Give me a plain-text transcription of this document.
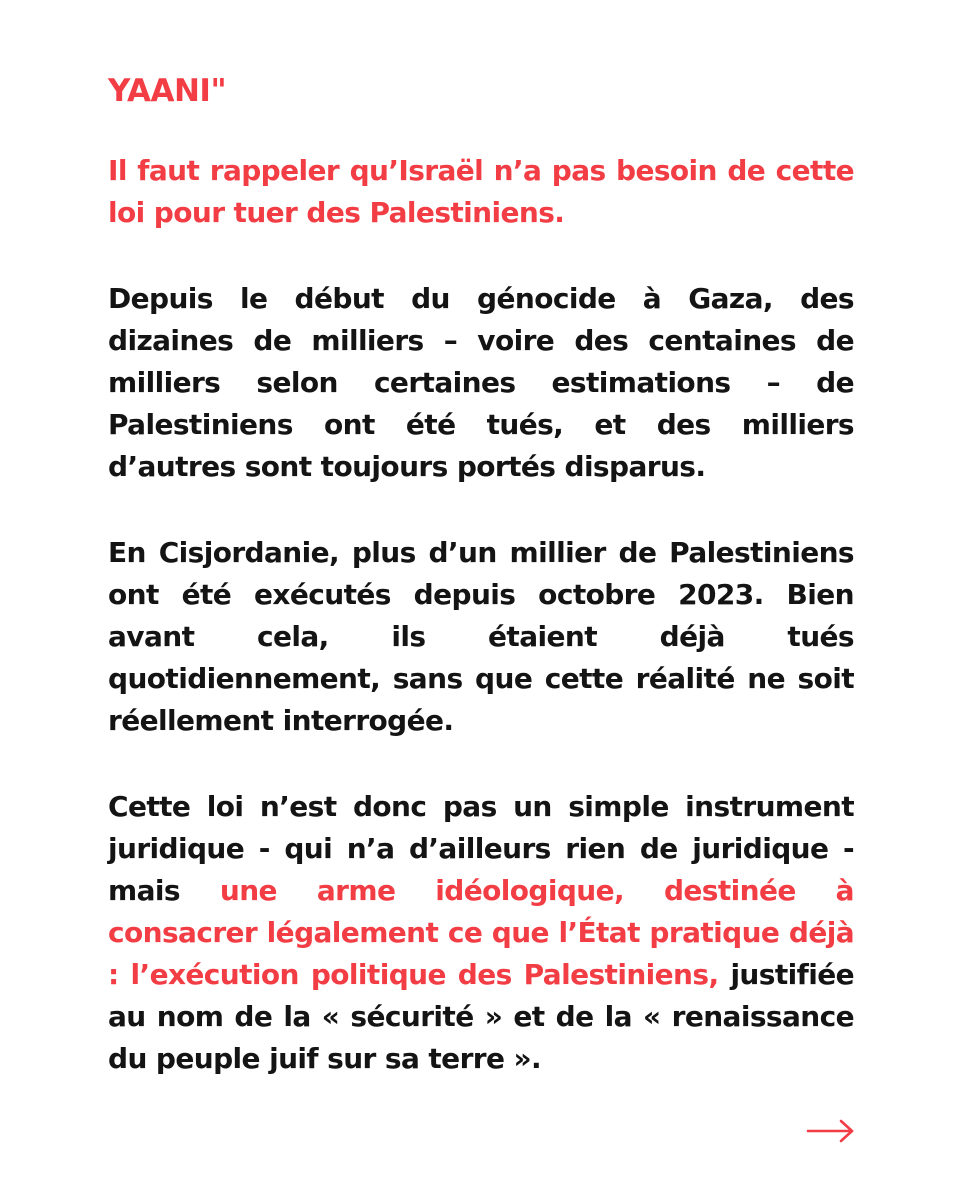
YAANI"

Il faut rappeler qu’Israël n’a pas besoin de cette loi pour tuer des Palestiniens.

Depuis le début du génocide à Gaza, des dizaines de milliers – voire des centaines de milliers selon certaines estimations – de Palestiniens ont été tués, et des milliers d’autres sont toujours portés disparus.

En Cisjordanie, plus d’un millier de Palestiniens ont été exécutés depuis octobre 2023. Bien avant cela, ils étaient déjà tués quotidiennement, sans que cette réalité ne soit réellement interrogée.

Cette loi n’est donc pas un simple instrument juridique - qui n’a d’ailleurs rien de juridique - mais une arme idéologique, destinée à consacrer légalement ce que l’État pratique déjà : l’exécution politique des Palestiniens, justifiée au nom de la « sécurité » et de la « renaissance du peuple juif sur sa terre ».
